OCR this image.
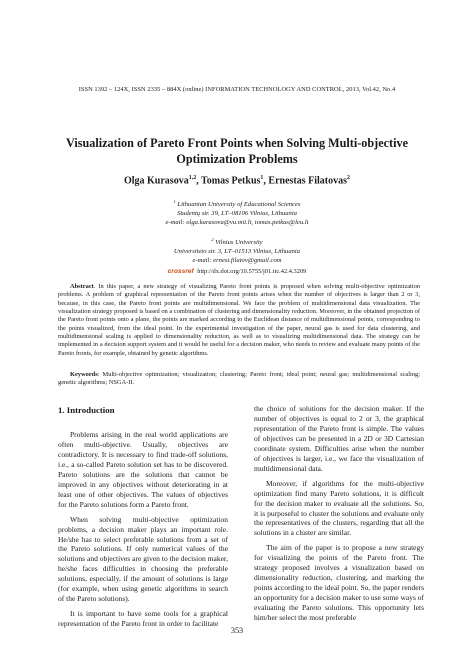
ISSN 1392 – 124X, ISSN 2335 – 884X (online) INFORMATION TECHNOLOGY AND CONTROL, 2013, Vol.42, No.4
Visualization of Pareto Front Points when Solving Multi-objective
Optimization Problems
Olga Kurasova$^{1,2}$, Tomas Petkus$^1$, Ernestas Filatovas$^2$
$^1$ Lithuanian University of Educational Sciences
Studentų str. 39, LT–08106 Vilnius, Lithuania
e-mail: olga.kurasova@vu.mii.lt, tomas.petkus@leu.lt
$^2$ Vilnius University
Universiteto str. 3, LT–01513 Vilnius, Lithuania
e-mail: ernest.filatov@gmail.com
crossref http://dx.doi.org/10.5755/j01.itc.42.4.3209

Abstract. In this paper, a new strategy of visualizing Pareto front points is proposed when solving multi-objective optimization problems. A problem of graphical representation of the Pareto front points arises when the number of objectives is larger than 2 or 3, because, in this case, the Pareto front points are multidimensional. We face the problem of multidimensional data visualization. The visualization strategy proposed is based on a combination of clustering and dimensionality reduction. Moreover, in the obtained projection of the Pareto front points onto a plane, the points are marked according to the Euclidean distance of multidimensional points, corresponding to the points visualized, from the ideal point. In the experimental investigation of the paper, neural gas is used for data clustering, and multidimensional scaling is applied to dimensionality reduction, as well as to visualizing multidimensional data. The strategy can be implemented in a decision support system and it would be useful for a decision maker, who needs to review and evaluate many points of the Pareto fronts, for example, obtained by genetic algorithms.

Keywords: Multi-objective optimization; visualization; clustering; Pareto front; ideal point; neural gas; multidimensional scaling; genetic algorithms; NSGA-II.

1. Introduction

Problems arising in the real world applications are often multi-objective. Usually, objectives are contradictory. It is necessary to find trade-off solutions, i.e., a so-called Pareto solution set has to be discovered. Pareto solutions are the solutions that cannot be improved in any objectives without deteriorating in at least one of other objectives. The values of objectives for the Pareto solutions form a Pareto front.

When solving multi-objective optimization problems, a decision maker plays an important role. He/she has to select preferable solutions from a set of the Pareto solutions. If only numerical values of the solutions and objectives are given to the decision maker, he/she faces difficulties in choosing the preferable solutions, especially, if the amount of solutions is large (for example, when using genetic algorithms in search of the Pareto solutions).

It is important to have some tools for a graphical representation of the Pareto front in order to facilitate

the choice of solutions for the decision maker. If the number of objectives is equal to 2 or 3, the graphical representation of the Pareto front is simple. The values of objectives can be presented in a 2D or 3D Cartesian coordinate system. Difficulties arise when the number of objectives is larger, i.e., we face the visualization of multidimensional data.

Moreover, if algorithms for the multi-objective optimization find many Pareto solutions, it is difficult for the decision maker to evaluate all the solutions. So, it is purposeful to cluster the solutions and evaluate only the representatives of the clusters, regarding that all the solutions in a cluster are similar.

The aim of the paper is to propose a new strategy for visualizing the points of the Pareto front. The strategy proposed involves a visualization based on dimensionality reduction, clustering, and marking the points according to the ideal point. So, the paper renders an opportunity for a decision maker to use some ways of evaluating the Pareto solutions. This opportunity lets him/her select the most preferable

353
